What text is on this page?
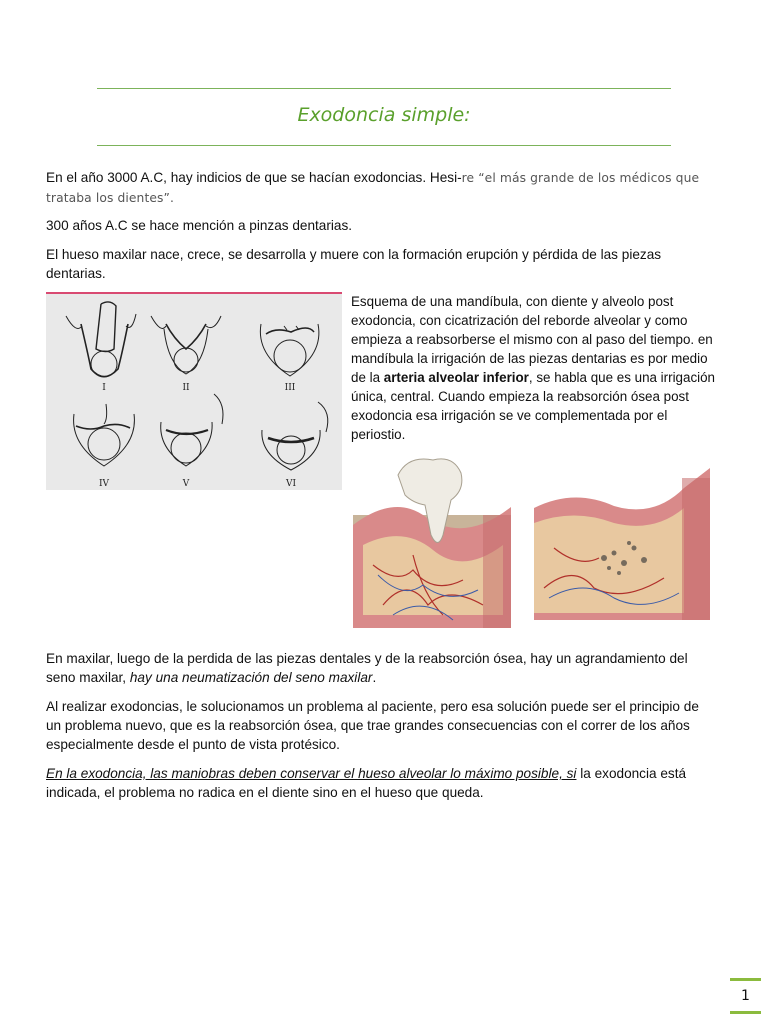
Exodoncia simple:

En el año 3000 A.C, hay indicios de que se hacían exodoncias. Hesi-re “el más grande de los médicos que trataba los dientes”.

300 años A.C se hace mención a pinzas dentarias.

El hueso maxilar nace, crece, se desarrolla y muere con la formación erupción y pérdida de las piezas dentarias.

I	II	III
IV	V	VI

Esquema de una mandíbula, con diente y alveolo post exodoncia, con cicatrización del reborde alveolar y como empieza a reabsorberse el mismo con al paso del tiempo. en mandíbula la irrigación de las piezas dentarias es por medio de la arteria alveolar inferior, se habla que es una irrigación única, central. Cuando empieza la reabsorción ósea post exodoncia esa irrigación se ve complementada por el periostio.

En maxilar, luego de la perdida de las piezas dentales y de la reabsorción ósea, hay un agrandamiento del seno maxilar, hay una neumatización del seno maxilar.

Al realizar exodoncias, le solucionamos un problema al paciente, pero esa solución puede ser el principio de un problema nuevo, que es la reabsorción ósea, que trae grandes consecuencias con el correr de los años especialmente desde el punto de vista protésico.

En la exodoncia, las maniobras deben conservar el hueso alveolar lo máximo posible, si la exodoncia está indicada, el problema no radica en el diente sino en el hueso que queda.

1
